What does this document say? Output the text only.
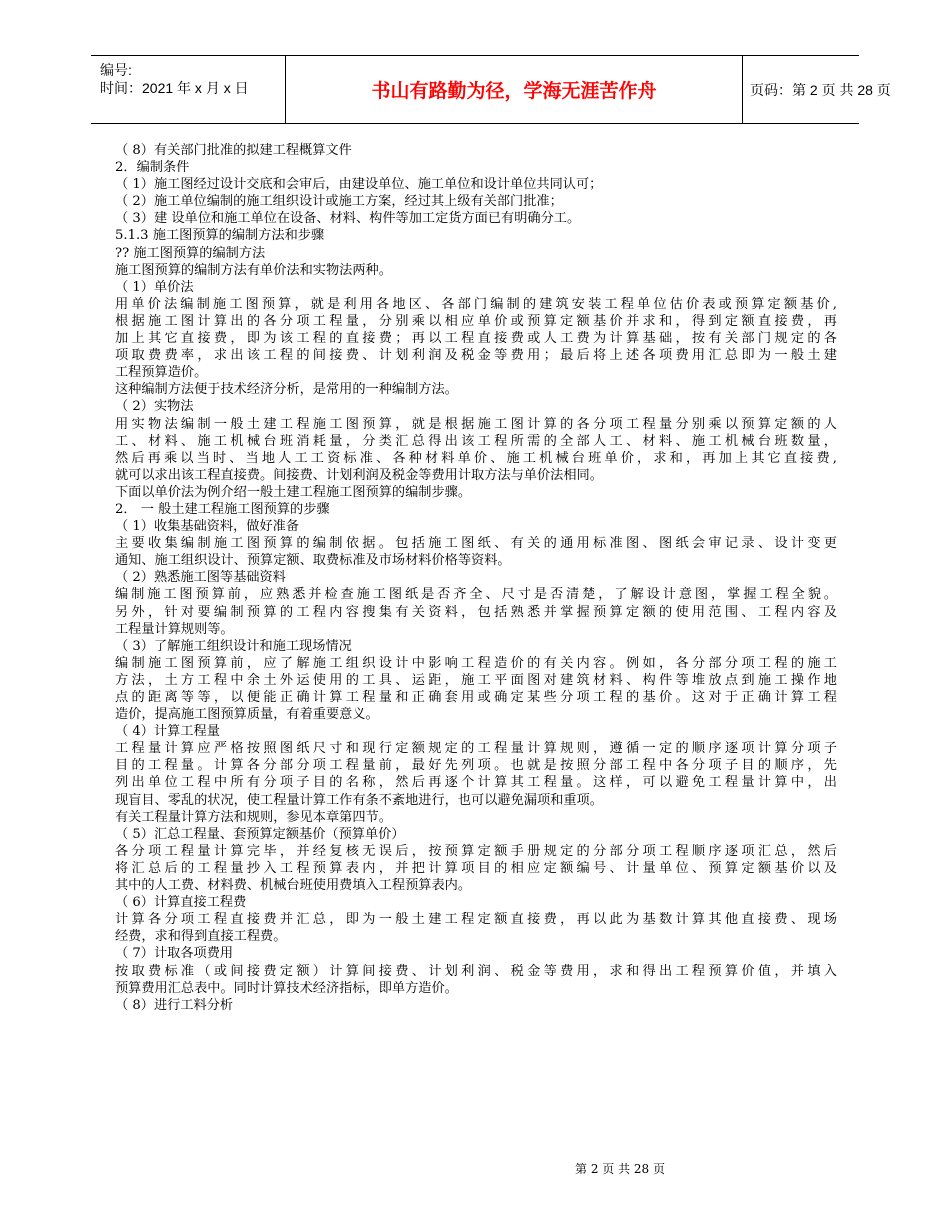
编号:
时间：2021 年 x 月 x 日	书山有路勤为径，学海无涯苦作舟	页码：第 2 页 共 28 页
（ 8）有关部门批准的拟建工程概算文件
2．编制条件
（ 1）施工图经过设计交底和会审后，由建设单位、施工单位和设计单位共同认可；
（ 2）施工单位编制的施工组织设计或施工方案，经过其上级有关部门批准；
（ 3）建 设单位和施工单位在设备、材料、构件等加工定货方面已有明确分工。
5.1.3 施工图预算的编制方法和步骤
?? 施工图预算的编制方法
施工图预算的编制方法有单价法和实物法两种。
（ 1）单价法
用单价法编制施工图预算，就是利用各地区、各部门编制的建筑安装工程单位估价表或预算定额基价,
根据施工图计算出的各分项工程量，分别乘以相应单价或预算定额基价并求和，得到定额直接费，再
加上其它直接费，即为该工程的直接费；再以工程直接费或人工费为计算基础，按有关部门规定的各
项取费费率，求出该工程的间接费、计划利润及税金等费用；最后将上述各项费用汇总即为一般土建
工程预算造价。
这种编制方法便于技术经济分析，是常用的一种编制方法。
（ 2）实物法
用实物法编制一般土建工程施工图预算，就是根据施工图计算的各分项工程量分别乘以预算定额的人
工、材料、施工机械台班消耗量，分类汇总得出该工程所需的全部人工、材料、施工机械台班数量，
然后再乘以当时、当地人工工资标准、各种材料单价、施工机械台班单价，求和，再加上其它直接费,
就可以求出该工程直接费。间接费、计划利润及税金等费用计取方法与单价法相同。
下面以单价法为例介绍一般土建工程施工图预算的编制步骤。
2． 一 般土建工程施工图预算的步骤
（ 1）收集基础资料，做好准备
主要收集编制施工图预算的编制依据。包括施工图纸、有关的通用标准图、图纸会审记录、设计变更
通知、施工组织设计、预算定额、取费标准及市场材料价格等资料。
（ 2）熟悉施工图等基础资料
编制施工图预算前，应熟悉并检查施工图纸是否齐全、尺寸是否清楚，了解设计意图，掌握工程全貌。
另外，针对要编制预算的工程内容搜集有关资料，包括熟悉并掌握预算定额的使用范围、工程内容及
工程量计算规则等。
（ 3）了解施工组织设计和施工现场情况
编制施工图预算前，应了解施工组织设计中影响工程造价的有关内容。例如，各分部分项工程的施工
方法，土方工程中余土外运使用的工具、运距，施工平面图对建筑材料、构件等堆放点到施工操作地
点的距离等等，以便能正确计算工程量和正确套用或确定某些分项工程的基价。这对于正确计算工程
造价，提高施工图预算质量，有着重要意义。
（ 4）计算工程量
工程量计算应严格按照图纸尺寸和现行定额规定的工程量计算规则，遵循一定的顺序逐项计算分项子
目的工程量。计算各分部分项工程量前，最好先列项。也就是按照分部工程中各分项子目的顺序，先
列出单位工程中所有分项子目的名称，然后再逐个计算其工程量。这样，可以避免工程量计算中，出
现盲目、零乱的状况，使工程量计算工作有条不紊地进行，也可以避免漏项和重项。
有关工程量计算方法和规则，参见本章第四节。
（ 5）汇总工程量、套预算定额基价（预算单价）
各分项工程量计算完毕，并经复核无误后，按预算定额手册规定的分部分项工程顺序逐项汇总，然后
将汇总后的工程量抄入工程预算表内，并把计算项目的相应定额编号、计量单位、预算定额基价以及
其中的人工费、材料费、机械台班使用费填入工程预算表内。
（ 6）计算直接工程费
计算各分项工程直接费并汇总，即为一般土建工程定额直接费，再以此为基数计算其他直接费、现场
经费，求和得到直接工程费。
（ 7）计取各项费用
按取费标准（或间接费定额）计算间接费、计划利润、税金等费用，求和得出工程预算价值，并填入
预算费用汇总表中。同时计算技术经济指标，即单方造价。
（ 8）进行工料分析
第 2 页 共 28 页
